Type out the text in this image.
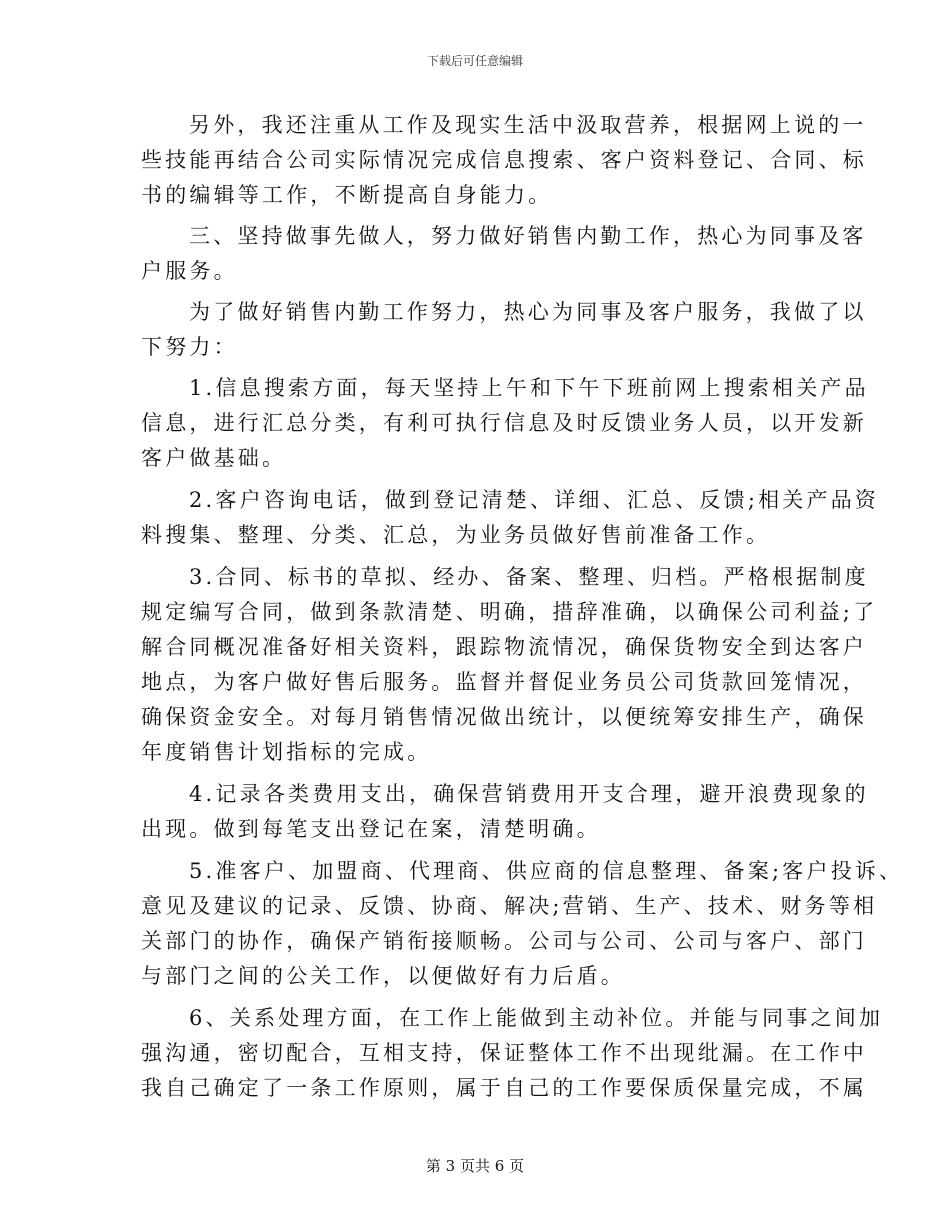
下载后可任意编辑
另外，我还注重从工作及现实生活中汲取营养，根据网上说的一
些技能再结合公司实际情况完成信息搜索、客户资料登记、合同、标
书的编辑等工作，不断提高自身能力。
三、坚持做事先做人，努力做好销售内勤工作，热心为同事及客
户服务。
为了做好销售内勤工作努力，热心为同事及客户服务，我做了以
下努力：
1.信息搜索方面，每天坚持上午和下午下班前网上搜索相关产品
信息，进行汇总分类，有利可执行信息及时反馈业务人员，以开发新
客户做基础。
2.客户咨询电话，做到登记清楚、详细、汇总、反馈;相关产品资
料搜集、整理、分类、汇总，为业务员做好售前准备工作。
3.合同、标书的草拟、经办、备案、整理、归档。严格根据制度
规定编写合同，做到条款清楚、明确，措辞准确，以确保公司利益;了
解合同概况准备好相关资料，跟踪物流情况，确保货物安全到达客户
地点，为客户做好售后服务。监督并督促业务员公司货款回笼情况，
确保资金安全。对每月销售情况做出统计，以便统筹安排生产，确保
年度销售计划指标的完成。
4.记录各类费用支出，确保营销费用开支合理，避开浪费现象的
出现。做到每笔支出登记在案，清楚明确。
5.准客户、加盟商、代理商、供应商的信息整理、备案;客户投诉、
意见及建议的记录、反馈、协商、解决;营销、生产、技术、财务等相
关部门的协作，确保产销衔接顺畅。公司与公司、公司与客户、部门
与部门之间的公关工作，以便做好有力后盾。
6、关系处理方面，在工作上能做到主动补位。并能与同事之间加
强沟通，密切配合，互相支持，保证整体工作不出现纰漏。在工作中
我自己确定了一条工作原则，属于自己的工作要保质保量完成，不属
第 3 页共 6 页
